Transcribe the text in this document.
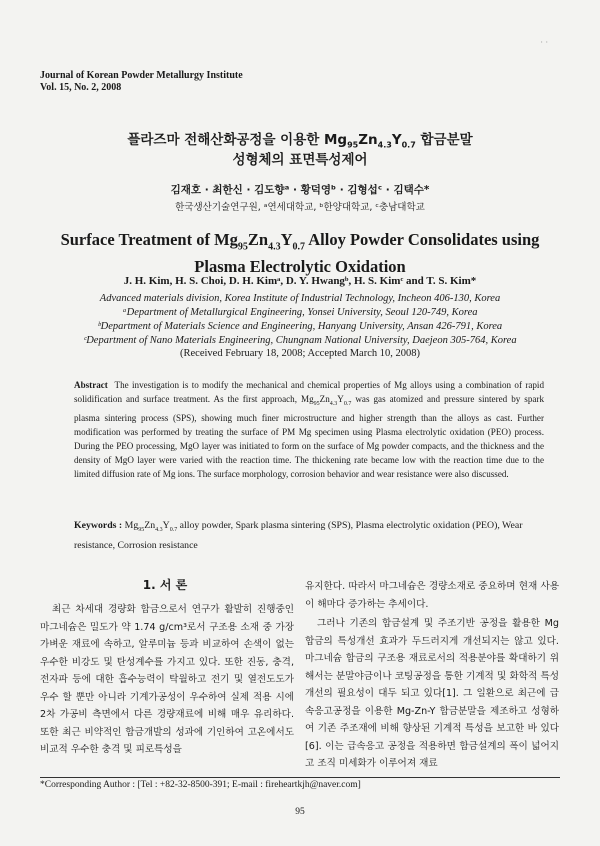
· ·
Journal of Korean Powder Metallurgy Institute
Vol. 15, No. 2, 2008
플라즈마 전해산화공정을 이용한 $Mg_{95}Zn_{4.3}Y_{0.7}$ 합금분말
성형체의 표면특성제어
김재호 · 최한신 · 김도향ᵃ · 황덕영ᵇ · 김형섭ᶜ · 김택수*
한국생산기술연구원, ᵃ연세대학교, ᵇ한양대학교, ᶜ충남대학교
Surface Treatment of $Mg_{95}Zn_{4.3}Y_{0.7}$ Alloy Powder Consolidates using
Plasma Electrolytic Oxidation
J. H. Kim, H. S. Choi, D. H. Kimᵃ, D. Y. Hwangᵇ, H. S. Kimᶜ and T. S. Kim*
Advanced materials division, Korea Institute of Industrial Technology, Incheon 406-130, Korea
ᵃDepartment of Metallurgical Engineering, Yonsei University, Seoul 120-749, Korea
ᵇDepartment of Materials Science and Engineering, Hanyang University, Ansan 426-791, Korea
ᶜDepartment of Nano Materials Engineering, Chungnam National University, Daejeon 305-764, Korea
(Received February 18, 2008; Accepted March 10, 2008)
Abstract The investigation is to modify the mechanical and chemical properties of Mg alloys using a combination of rapid solidification and surface treatment. As the first approach, $Mg_{95}Zn_{4.3}Y_{0.7}$ was gas atomized and pressure sintered by spark plasma sintering process (SPS), showing much finer microstructure and higher strength than the alloys as cast. Further modification was performed by treating the surface of PM Mg specimen using Plasma electrolytic oxidation (PEO) process. During the PEO processing, MgO layer was initiated to form on the surface of Mg powder compacts, and the thickness and the density of MgO layer were varied with the reaction time. The thickening rate became low with the reaction time due to the limited diffusion rate of Mg ions. The surface morphology, corrosion behavior and wear resistance were also discussed.
Keywords : $Mg_{95}Zn_{4.3}Y_{0.7}$ alloy powder, Spark plasma sintering (SPS), Plasma electrolytic oxidation (PEO), Wear resistance, Corrosion resistance
1. 서 론

최근 차세대 경량화 합금으로서 연구가 활발히 진행중인 마그네슘은 밀도가 약 1.74 g/cm³로서 구조용 소재 중 가장 가벼운 재료에 속하고, 알루미늄 등과 비교하여 손색이 없는 우수한 비강도 및 탄성계수를 가지고 있다. 또한 진동, 충격, 전자파 등에 대한 흡수능력이 탁월하고 전기 및 열전도도가 우수 할 뿐만 아니라 기계가공성이 우수하여 실제 적용 시에 2차 가공비 측면에서 다른 경량재료에 비해 매우 유리하다. 또한 최근 비약적인 합금개발의 성과에 기인하여 고온에서도 비교적 우수한 충격 및 피로특성을

유지한다. 따라서 마그네슘은 경량소재로 중요하며 현재 사용이 해마다 증가하는 추세이다.

그러나 기존의 합금설계 및 주조기반 공정을 활용한 Mg 합금의 특성개선 효과가 두드러지게 개선되지는 않고 있다. 마그네슘 합금의 구조용 재료로서의 적용분야를 확대하기 위해서는 분말야금이나 코팅공정을 통한 기계적 및 화학적 특성 개선의 필요성이 대두 되고 있다[1]. 그 일환으로 최근에 급속응고공정을 이용한 Mg-Zn-Y 합금분말을 제조하고 성형하여 기존 주조재에 비해 향상된 기계적 특성을 보고한 바 있다[6]. 이는 급속응고 공정을 적용하면 합금설계의 폭이 넓어지고 조직 미세화가 이루어져 재료

*Corresponding Author : [Tel : +82-32-8500-391; E-mail : fireheartkjh@naver.com]
95
